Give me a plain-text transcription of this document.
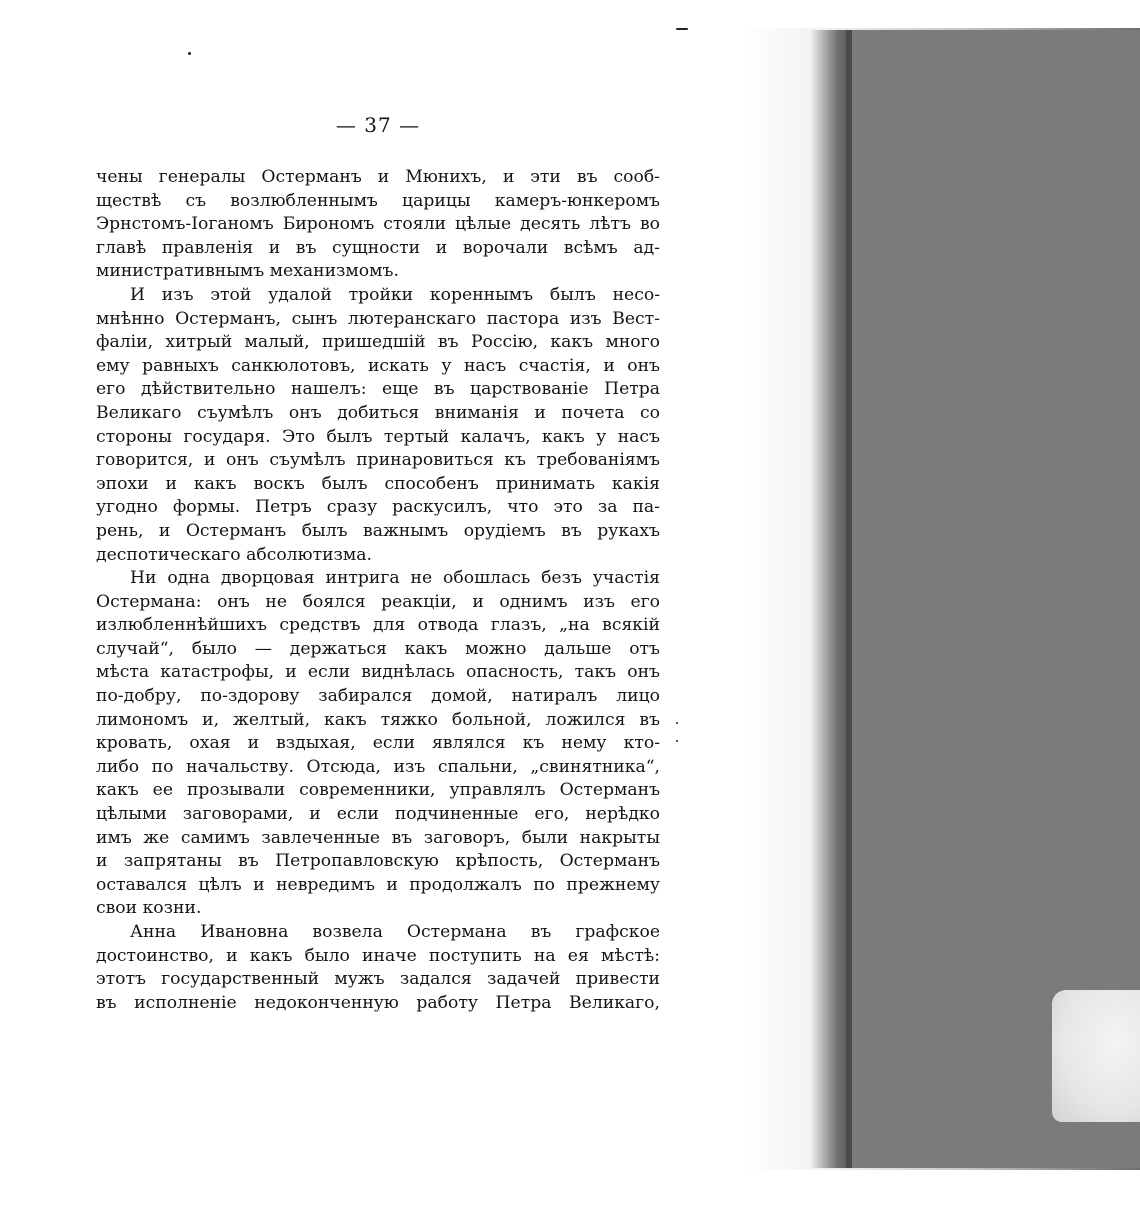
— 37 —
чены генералы Остерманъ и Мюнихъ, и эти въ сооб-
ществѣ съ возлюбленнымъ царицы камеръ-юнкеромъ
Эрнстомъ-Іоганомъ Бирономъ стояли цѣлые десять лѣтъ во
главѣ правленія и въ сущности и ворочали всѣмъ ад-
министративнымъ механизмомъ.
И изъ этой удалой тройки кореннымъ былъ несо-
мнѣнно Остерманъ, сынъ лютеранскаго пастора изъ Вест-
фаліи, хитрый малый, пришедшій въ Россію, какъ много
ему равныхъ санкюлотовъ, искать у насъ счастія, и онъ
его дѣйствительно нашелъ: еще въ царствованіе Петра
Великаго съумѣлъ онъ добиться вниманія и почета со
стороны государя. Это былъ тертый калачъ, какъ у насъ
говорится, и онъ съумѣлъ принаровиться къ требованіямъ
эпохи и какъ воскъ былъ способенъ принимать какія
угодно формы. Петръ сразу раскусилъ, что это за па-
рень, и Остерманъ былъ важнымъ орудіемъ въ рукахъ
деспотическаго абсолютизма.
Ни одна дворцовая интрига не обошлась безъ участія
Остермана: онъ не боялся реакціи, и однимъ изъ его
излюбленнѣйшихъ средствъ для отвода глазъ, „на всякій
случай“, было — держаться какъ можно дальше отъ
мѣста катастрофы, и если виднѣлась опасность, такъ онъ
по-добру, по-здорову забирался домой, натиралъ лицо
лимономъ и, желтый, какъ тяжко больной, ложился въ
кровать, охая и вздыхая, если являлся къ нему кто-
либо по начальству. Отсюда, изъ спальни, „свинятника“,
какъ ее прозывали современники, управлялъ Остерманъ
цѣлыми заговорами, и если подчиненные его, нерѣдко
имъ же самимъ завлеченные въ заговоръ, были накрыты
и запрятаны въ Петропавловскую крѣпость, Остерманъ
оставался цѣлъ и невредимъ и продолжалъ по прежнему
свои козни.
Анна Ивановна возвела Остермана въ графское
достоинство, и какъ было иначе поступить на ея мѣстѣ:
этотъ государственный мужъ задался задачей привести
въ исполненіе недоконченную работу Петра Великаго,
